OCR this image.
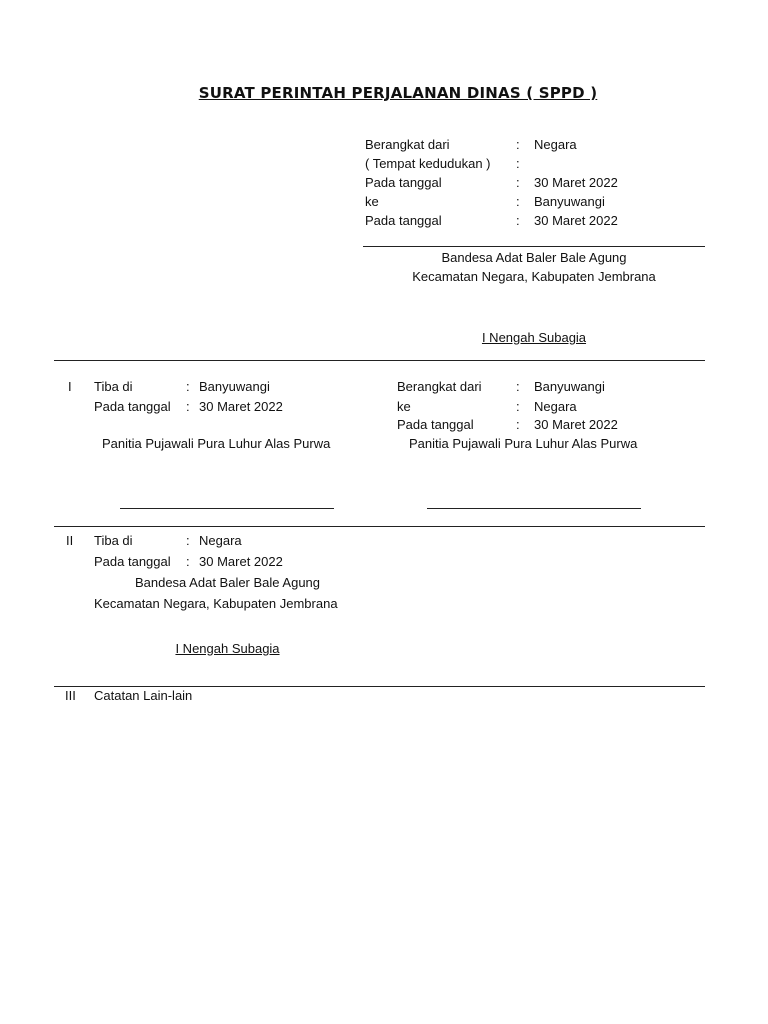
SURAT PERINTAH PERJALANAN DINAS ( SPPD )
Berangkat dari	: Negara
( Tempat kedudukan ) :
Pada tanggal	: 30 Maret 2022
ke	: Banyuwangi
Pada tanggal	: 30 Maret 2022
Bandesa Adat Baler Bale Agung
Kecamatan Negara, Kabupaten Jembrana
I Nengah Subagia
I Tiba di	: Banyuwangi
Pada tanggal : 30 Maret 2022
Panitia Pujawali Pura Luhur Alas Purwa
Berangkat dari	: Banyuwangi
ke	: Negara
Pada tanggal	: 30 Maret 2022
Panitia Pujawali Pura Luhur Alas Purwa
II Tiba di	: Negara
Pada tanggal : 30 Maret 2022
Bandesa Adat Baler Bale Agung
Kecamatan Negara, Kabupaten Jembrana
I Nengah Subagia
III Catatan Lain-lain
